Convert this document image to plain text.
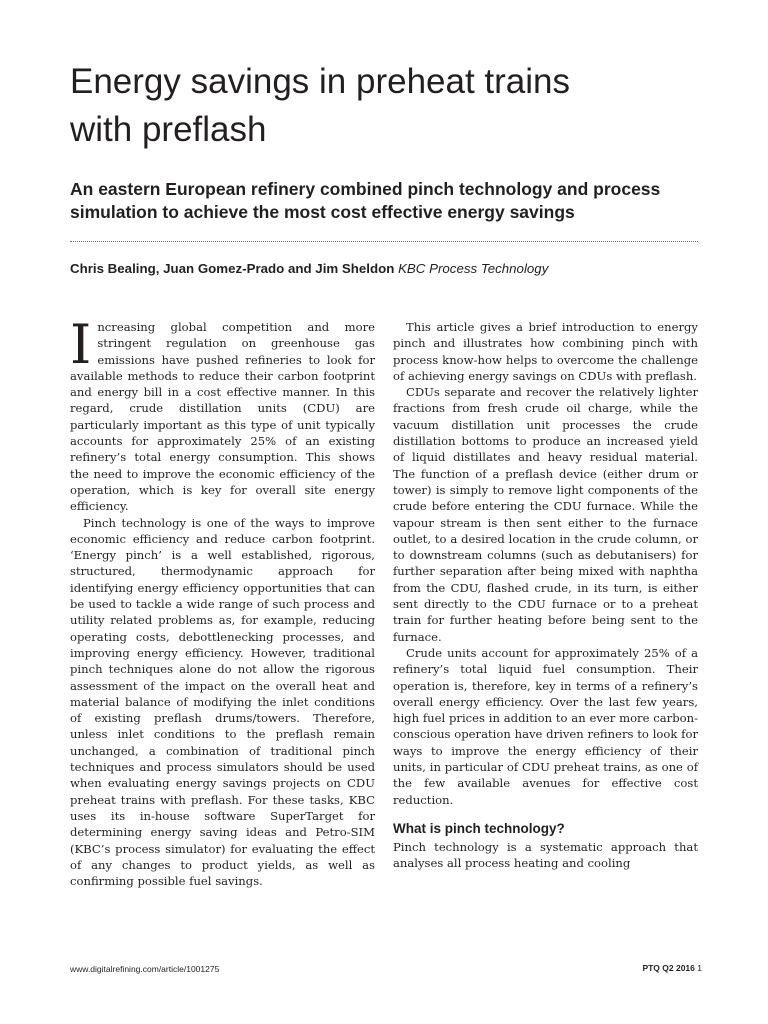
Energy savings in preheat trains
with preflash

An eastern European refinery combined pinch technology and process simulation to achieve the most cost effective energy savings

Chris Bealing, Juan Gomez-Prado and Jim Sheldon KBC Process Technology

Increasing global competition and more stringent regulation on greenhouse gas emissions have pushed refineries to look for available methods to reduce their carbon footprint and energy bill in a cost effective manner. In this regard, crude distillation units (CDU) are particularly important as this type of unit typically accounts for approximately 25% of an existing refinery’s total energy consumption. This shows the need to improve the economic efficiency of the operation, which is key for overall site energy efficiency.

Pinch technology is one of the ways to improve economic efficiency and reduce carbon footprint. ‘Energy pinch’ is a well established, rigorous, structured, thermodynamic approach for identifying energy efficiency opportunities that can be used to tackle a wide range of such process and utility related problems as, for example, reducing operating costs, debottlenecking processes, and improving energy efficiency. However, traditional pinch techniques alone do not allow the rigorous assessment of the impact on the overall heat and material balance of modifying the inlet conditions of existing preflash drums/towers. Therefore, unless inlet conditions to the preflash remain unchanged, a combination of traditional pinch techniques and process simulators should be used when evaluating energy savings projects on CDU preheat trains with preflash. For these tasks, KBC uses its in-house software SuperTarget for determining energy saving ideas and Petro-SIM (KBC’s process simulator) for evaluating the effect of any changes to product yields, as well as confirming possible fuel savings.

This article gives a brief introduction to energy pinch and illustrates how combining pinch with process know-how helps to overcome the challenge of achieving energy savings on CDUs with preflash.

CDUs separate and recover the relatively lighter fractions from fresh crude oil charge, while the vacuum distillation unit processes the crude distillation bottoms to produce an increased yield of liquid distillates and heavy residual material. The function of a preflash device (either drum or tower) is simply to remove light components of the crude before entering the CDU furnace. While the vapour stream is then sent either to the furnace outlet, to a desired location in the crude column, or to downstream columns (such as debutanisers) for further separation after being mixed with naphtha from the CDU, flashed crude, in its turn, is either sent directly to the CDU furnace or to a preheat train for further heating before being sent to the furnace.

Crude units account for approximately 25% of a refinery’s total liquid fuel consumption. Their operation is, therefore, key in terms of a refinery’s overall energy efficiency. Over the last few years, high fuel prices in addition to an ever more carbon-conscious operation have driven refiners to look for ways to improve the energy efficiency of their units, in particular of CDU preheat trains, as one of the few available avenues for effective cost reduction.

What is pinch technology?

Pinch technology is a systematic approach that analyses all process heating and cooling

www.digitalrefining.com/article/1001275	PTQ Q2 2016 1
